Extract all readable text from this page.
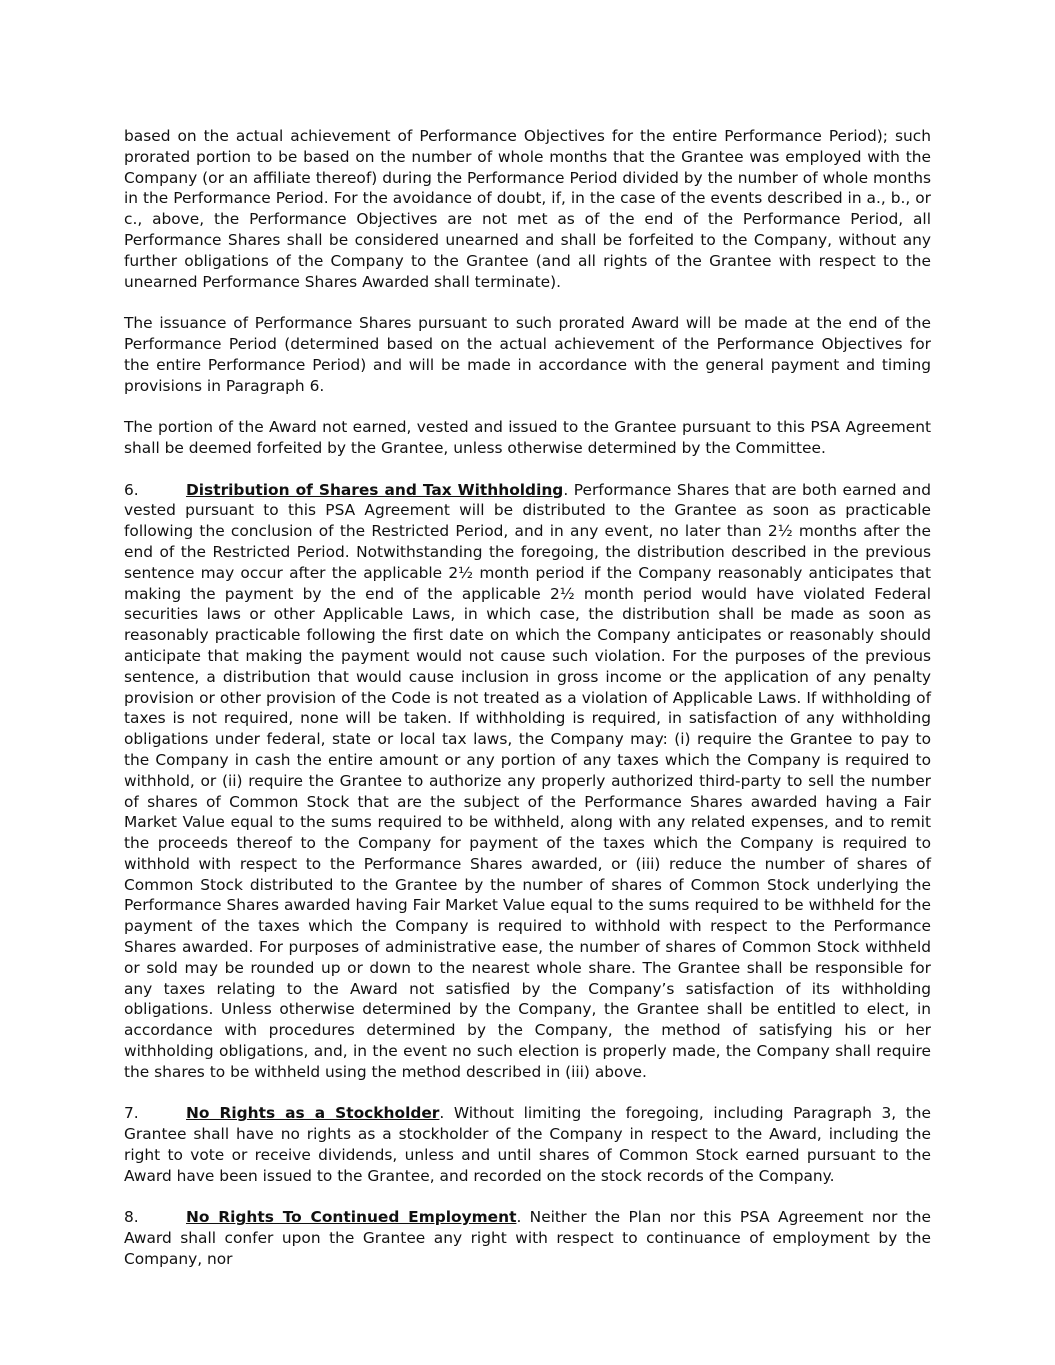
based on the actual achievement of Performance Objectives for the entire Performance Period); such prorated portion to be based on the number of whole months that the Grantee was employed with the Company (or an affiliate thereof) during the Performance Period divided by the number of whole months in the Performance Period. For the avoidance of doubt, if, in the case of the events described in a., b., or c., above, the Performance Objectives are not met as of the end of the Performance Period, all Performance Shares shall be considered unearned and shall be forfeited to the Company, without any further obligations of the Company to the Grantee (and all rights of the Grantee with respect to the unearned Performance Shares Awarded shall terminate).

The issuance of Performance Shares pursuant to such prorated Award will be made at the end of the Performance Period (determined based on the actual achievement of the Performance Objectives for the entire Performance Period) and will be made in accordance with the general payment and timing provisions in Paragraph 6.

The portion of the Award not earned, vested and issued to the Grantee pursuant to this PSA Agreement shall be deemed forfeited by the Grantee, unless otherwise determined by the Committee.

6.	Distribution of Shares and Tax Withholding. Performance Shares that are both earned and vested pursuant to this PSA Agreement will be distributed to the Grantee as soon as practicable following the conclusion of the Restricted Period, and in any event, no later than 2½ months after the end of the Restricted Period. Notwithstanding the foregoing, the distribution described in the previous sentence may occur after the applicable 2½ month period if the Company reasonably anticipates that making the payment by the end of the applicable 2½ month period would have violated Federal securities laws or other Applicable Laws, in which case, the distribution shall be made as soon as reasonably practicable following the first date on which the Company anticipates or reasonably should anticipate that making the payment would not cause such violation. For the purposes of the previous sentence, a distribution that would cause inclusion in gross income or the application of any penalty provision or other provision of the Code is not treated as a violation of Applicable Laws. If withholding of taxes is not required, none will be taken. If withholding is required, in satisfaction of any withholding obligations under federal, state or local tax laws, the Company may: (i) require the Grantee to pay to the Company in cash the entire amount or any portion of any taxes which the Company is required to withhold, or (ii) require the Grantee to authorize any properly authorized third-party to sell the number of shares of Common Stock that are the subject of the Performance Shares awarded having a Fair Market Value equal to the sums required to be withheld, along with any related expenses, and to remit the proceeds thereof to the Company for payment of the taxes which the Company is required to withhold with respect to the Performance Shares awarded, or (iii) reduce the number of shares of Common Stock distributed to the Grantee by the number of shares of Common Stock underlying the Performance Shares awarded having Fair Market Value equal to the sums required to be withheld for the payment of the taxes which the Company is required to withhold with respect to the Performance Shares awarded. For purposes of administrative ease, the number of shares of Common Stock withheld or sold may be rounded up or down to the nearest whole share. The Grantee shall be responsible for any taxes relating to the Award not satisfied by the Company’s satisfaction of its withholding obligations. Unless otherwise determined by the Company, the Grantee shall be entitled to elect, in accordance with procedures determined by the Company, the method of satisfying his or her withholding obligations, and, in the event no such election is properly made, the Company shall require the shares to be withheld using the method described in (iii) above.

7.	No Rights as a Stockholder. Without limiting the foregoing, including Paragraph 3, the Grantee shall have no rights as a stockholder of the Company in respect to the Award, including the right to vote or receive dividends, unless and until shares of Common Stock earned pursuant to the Award have been issued to the Grantee, and recorded on the stock records of the Company.

8.	No Rights To Continued Employment. Neither the Plan nor this PSA Agreement nor the Award shall confer upon the Grantee any right with respect to continuance of employment by the Company, nor
